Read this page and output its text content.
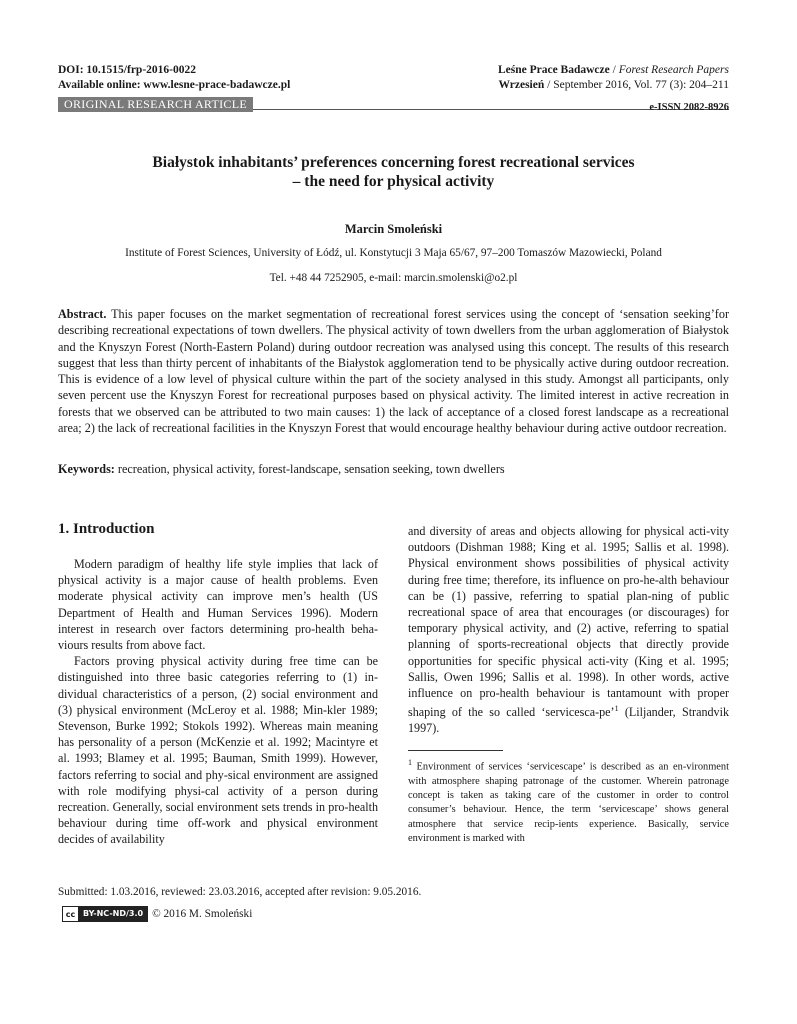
DOI: 10.1515/frp-2016-0022
Available online: www.lesne-prace-badawcze.pl
Leśne Prace Badawcze / Forest Research Papers
Wrzesień / September 2016, Vol. 77 (3): 204–211
ORIGINAL RESEARCH ARTICLE	e-ISSN 2082-8926
Białystok inhabitants’ preferences concerning forest recreational services
– the need for physical activity
Marcin Smoleński
Institute of Forest Sciences, University of Łódź, ul. Konstytucji 3 Maja 65/67, 97–200 Tomaszów Mazowiecki, Poland
Tel. +48 44 7252905, e-mail: marcin.smolenski@o2.pl
Abstract. This paper focuses on the market segmentation of recreational forest services using the concept of ‘sensation seeking’for describing recreational expectations of town dwellers. The physical activity of town dwellers from the urban agglomeration of Białystok and the Knyszyn Forest (North-Eastern Poland) during outdoor recreation was analysed using this concept. The results of this research suggest that less than thirty percent of inhabitants of the Białystok agglomeration tend to be physically active during outdoor recreation. This is evidence of a low level of physical culture within the part of the society analysed in this study. Amongst all participants, only seven percent use the Knyszyn Forest for recreational purposes based on physical activity. The limited interest in active recreation in forests that we observed can be attributed to two main causes: 1) the lack of acceptance of a closed forest landscape as a recreational area; 2) the lack of recreational facilities in the Knyszyn Forest that would encourage healthy behaviour during active outdoor recreation.
Keywords: recreation, physical activity, forest-landscape, sensation seeking, town dwellers
1. Introduction

Modern paradigm of healthy life style implies that lack of physical activity is a major cause of health problems. Even moderate physical activity can improve men’s health (US Department of Health and Human Services 1996). Modern interest in research over factors determining pro-health beha-viours results from above fact.

Factors proving physical activity during free time can be distinguished into three basic categories referring to (1) in-dividual characteristics of a person, (2) social environment and (3) physical environment (McLeroy et al. 1988; Min-kler 1989; Stevenson, Burke 1992; Stokols 1992). Whereas main meaning has personality of a person (McKenzie et al. 1992; Macintyre et al. 1993; Blamey et al. 1995; Bauman, Smith 1999). However, factors referring to social and phy-sical environment are assigned with role modifying physi-cal activity of a person during recreation. Generally, social environment sets trends in pro-health behaviour during time off-work and physical environment decides of availability

and diversity of areas and objects allowing for physical acti-vity outdoors (Dishman 1988; King et al. 1995; Sallis et al. 1998). Physical environment shows possibilities of physical activity during free time; therefore, its influence on pro-he-alth behaviour can be (1) passive, referring to spatial plan-ning of public recreational space of area that encourages (or discourages) for temporary physical activity, and (2) active, referring to spatial planning of sports-recreational objects that directly provide opportunities for specific physical acti-vity (King et al. 1995; Sallis, Owen 1996; Sallis et al. 1998). In other words, active influence on pro-health behaviour is tantamount with proper shaping of the so called ‘servicesca-pe’$^1$ (Liljander, Strandvik 1997).

$^1$ Environment of services ‘servicescape’ is described as an en-vironment with atmosphere shaping patronage of the customer. Wherein patronage concept is taken as taking care of the customer in order to control consumer’s behaviour. Hence, the term ‘servicescape’ shows general atmosphere that service recip-ients experience. Basically, service environment is marked with

Submitted: 1.03.2016, reviewed: 23.03.2016, accepted after revision: 9.05.2016.
cc BY-NC-ND/3.0 © 2016 M. Smoleński
